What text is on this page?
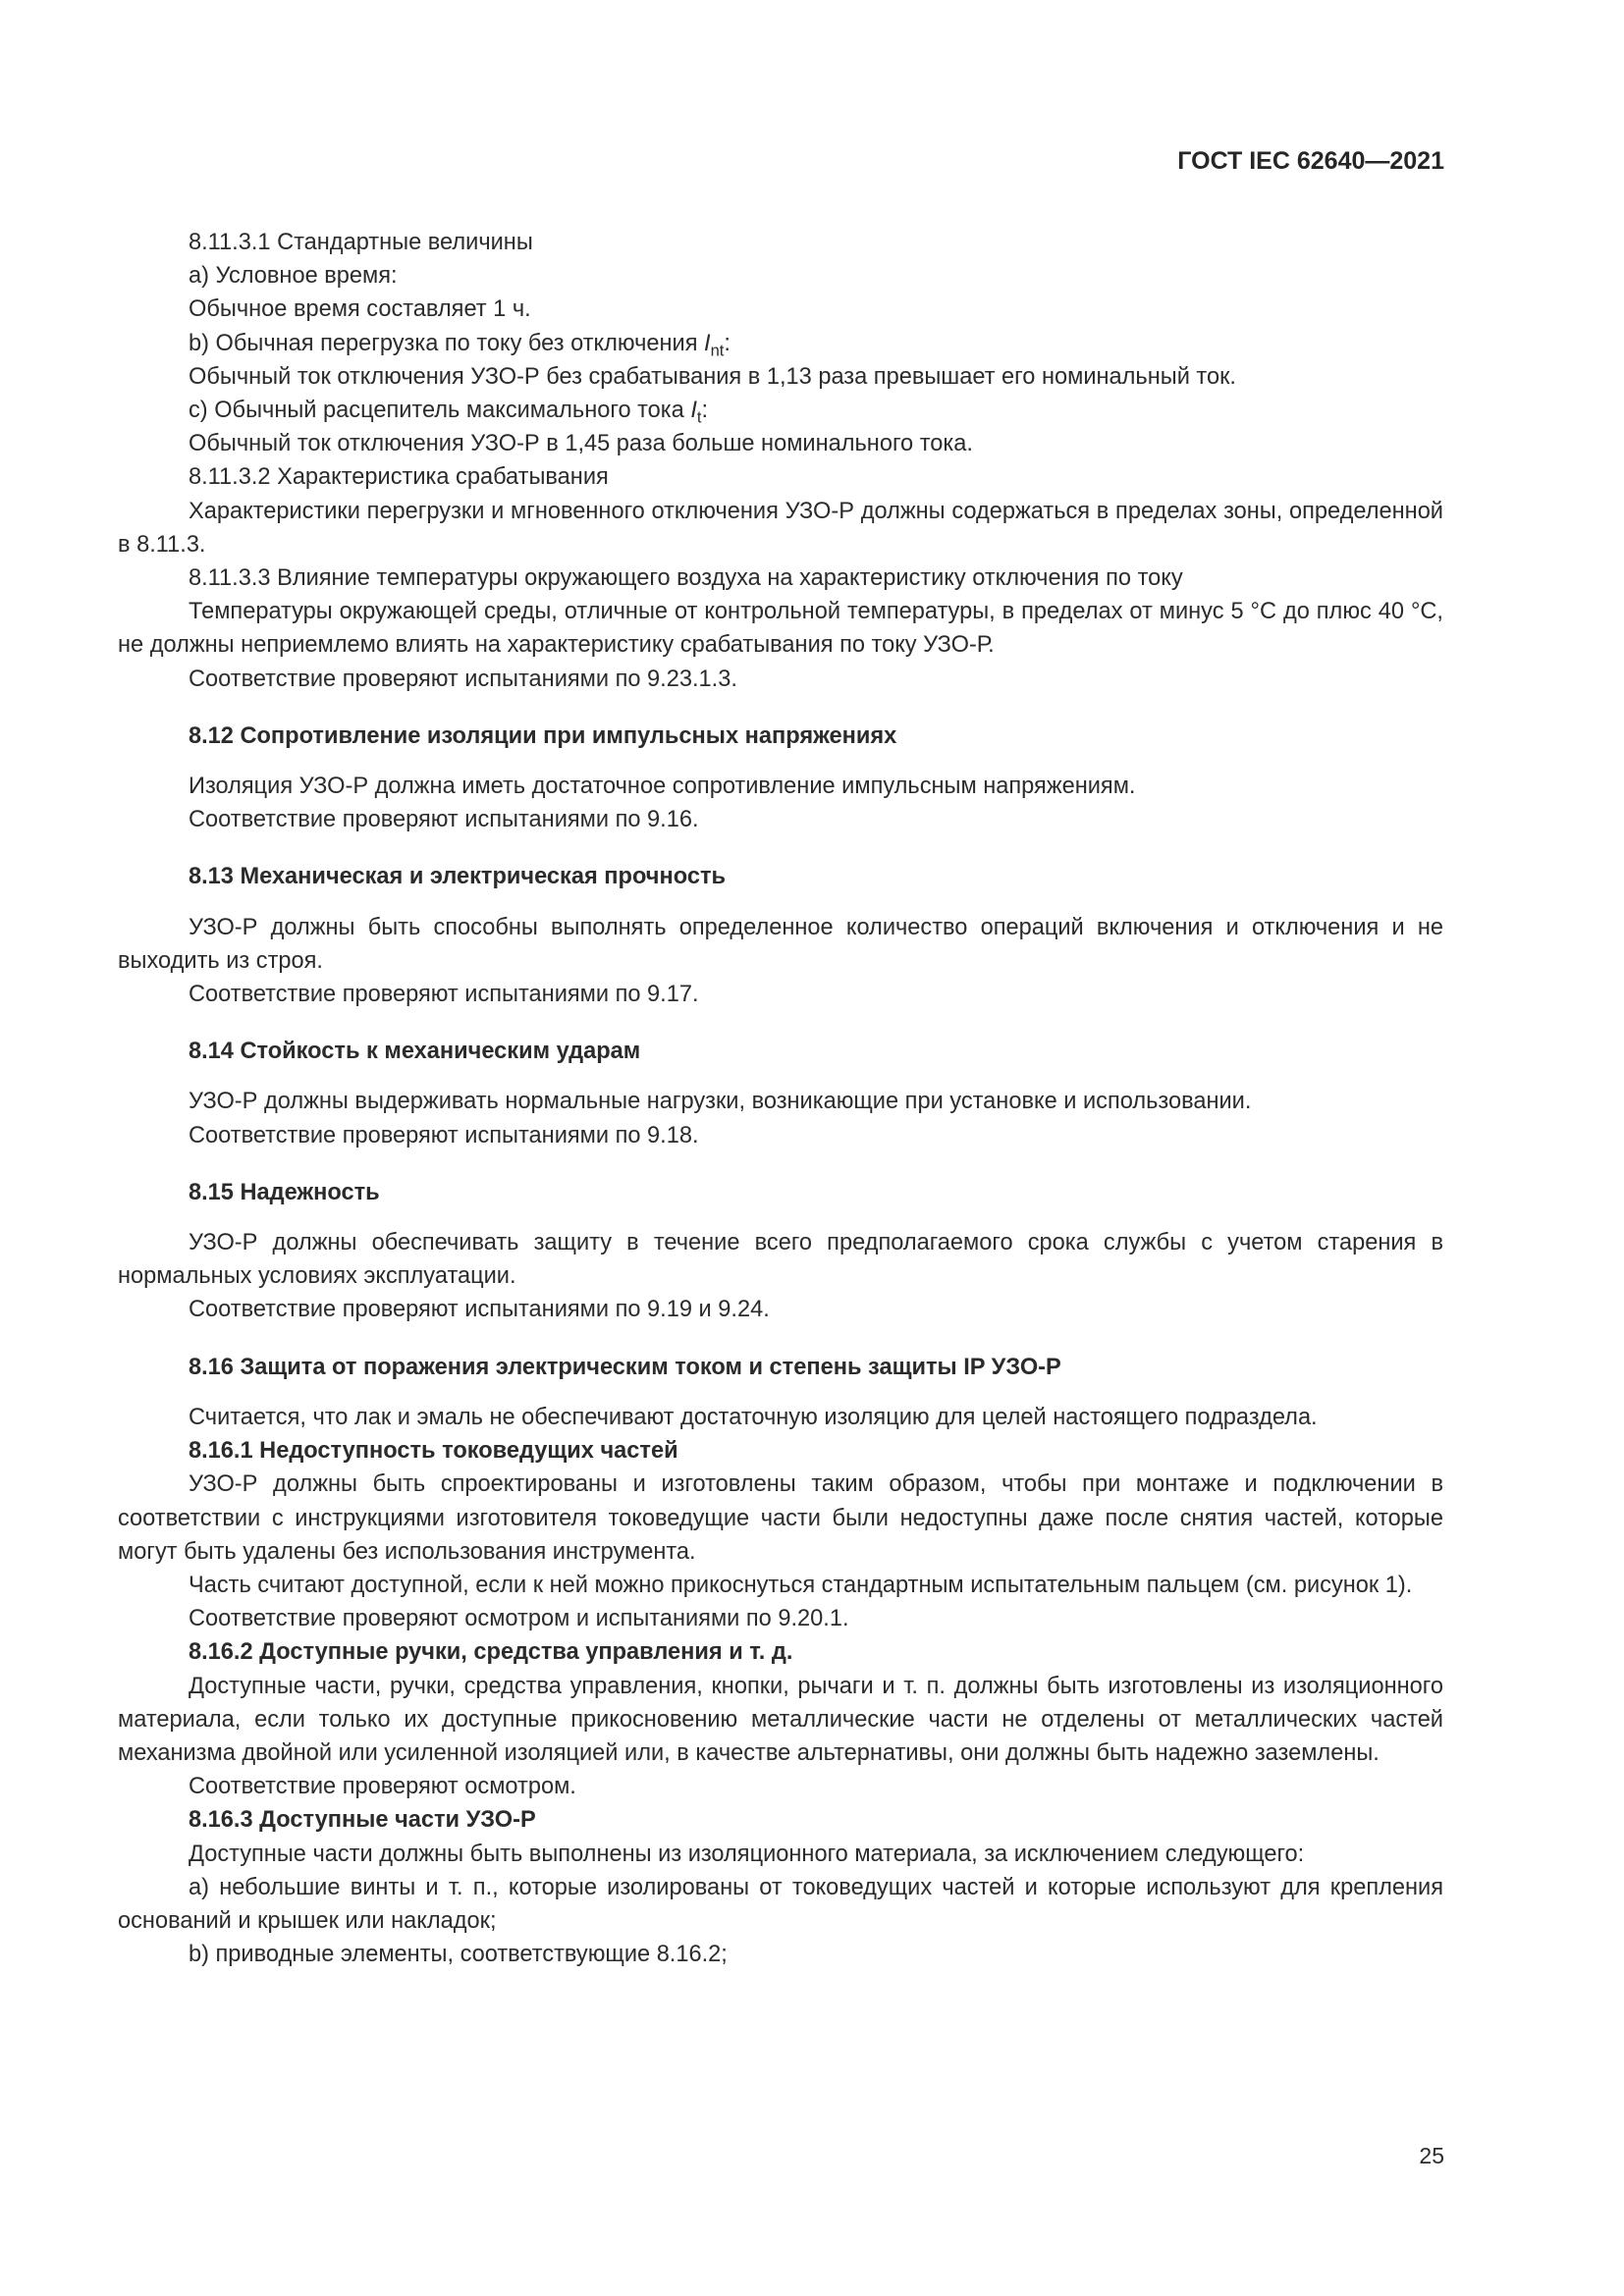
ГОСТ IEC 62640—2021

8.11.3.1 Стандартные величины

a) Условное время:

Обычное время составляет 1 ч.

b) Обычная перегрузка по току без отключения $I_{nt}$:

Обычный ток отключения УЗО-Р без срабатывания в 1,13 раза превышает его номинальный ток.

c) Обычный расцепитель максимального тока $I_t$:

Обычный ток отключения УЗО-Р в 1,45 раза больше номинального тока.

8.11.3.2 Характеристика срабатывания

Характеристики перегрузки и мгновенного отключения УЗО-Р должны содержаться в пределах зоны, определенной в 8.11.3.

8.11.3.3 Влияние температуры окружающего воздуха на характеристику отключения по току

Температуры окружающей среды, отличные от контрольной температуры, в пределах от минус 5 °С до плюс 40 °С, не должны неприемлемо влиять на характеристику срабатывания по току УЗО-Р.

Соответствие проверяют испытаниями по 9.23.1.3.

8.12 Сопротивление изоляции при импульсных напряжениях

Изоляция УЗО-Р должна иметь достаточное сопротивление импульсным напряжениям.

Соответствие проверяют испытаниями по 9.16.

8.13 Механическая и электрическая прочность

УЗО-Р должны быть способны выполнять определенное количество операций включения и отключения и не выходить из строя.

Соответствие проверяют испытаниями по 9.17.

8.14 Стойкость к механическим ударам

УЗО-Р должны выдерживать нормальные нагрузки, возникающие при установке и использовании.

Соответствие проверяют испытаниями по 9.18.

8.15 Надежность

УЗО-Р должны обеспечивать защиту в течение всего предполагаемого срока службы с учетом старения в нормальных условиях эксплуатации.

Соответствие проверяют испытаниями по 9.19 и 9.24.

8.16 Защита от поражения электрическим током и степень защиты IP УЗО-Р

Считается, что лак и эмаль не обеспечивают достаточную изоляцию для целей настоящего подраздела.

8.16.1 Недоступность токоведущих частей

УЗО-Р должны быть спроектированы и изготовлены таким образом, чтобы при монтаже и подключении в соответствии с инструкциями изготовителя токоведущие части были недоступны даже после снятия частей, которые могут быть удалены без использования инструмента.

Часть считают доступной, если к ней можно прикоснуться стандартным испытательным пальцем (см. рисунок 1).

Соответствие проверяют осмотром и испытаниями по 9.20.1.

8.16.2 Доступные ручки, средства управления и т. д.

Доступные части, ручки, средства управления, кнопки, рычаги и т. п. должны быть изготовлены из изоляционного материала, если только их доступные прикосновению металлические части не отделены от металлических частей механизма двойной или усиленной изоляцией или, в качестве альтернативы, они должны быть надежно заземлены.

Соответствие проверяют осмотром.

8.16.3 Доступные части УЗО-Р

Доступные части должны быть выполнены из изоляционного материала, за исключением следующего:

a) небольшие винты и т. п., которые изолированы от токоведущих частей и которые используют для крепления оснований и крышек или накладок;

b) приводные элементы, соответствующие 8.16.2;

25
